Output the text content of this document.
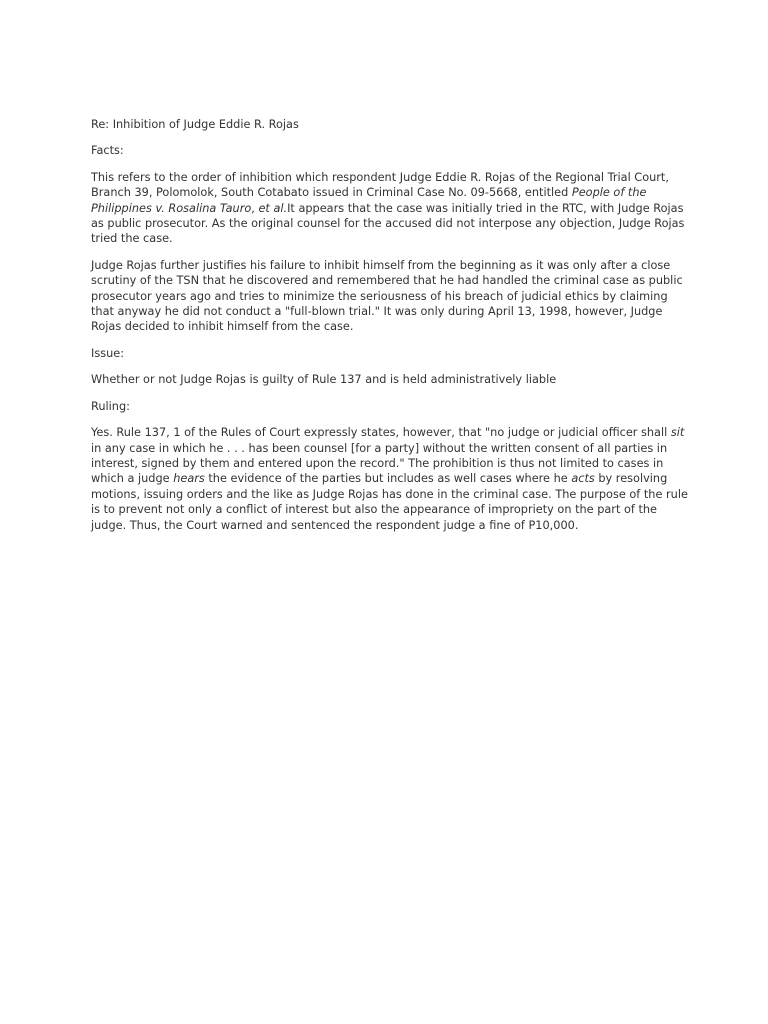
Re: Inhibition of Judge Eddie R. Rojas

Facts:

This refers to the order of inhibition which respondent Judge Eddie R. Rojas of the Regional Trial Court, Branch 39, Polomolok, South Cotabato issued in Criminal Case No. 09-5668, entitled People of the Philippines v. Rosalina Tauro, et al.It appears that the case was initially tried in the RTC, with Judge Rojas as public prosecutor. As the original counsel for the accused did not interpose any objection, Judge Rojas tried the case.

Judge Rojas further justifies his failure to inhibit himself from the beginning as it was only after a close scrutiny of the TSN that he discovered and remembered that he had handled the criminal case as public prosecutor years ago and tries to minimize the seriousness of his breach of judicial ethics by claiming that anyway he did not conduct a "full-blown trial." It was only during April 13, 1998, however, Judge Rojas decided to inhibit himself from the case.

Issue:

Whether or not Judge Rojas is guilty of Rule 137 and is held administratively liable

Ruling:

Yes. Rule 137, 1 of the Rules of Court expressly states, however, that "no judge or judicial officer shall sit in any case in which he . . . has been counsel [for a party] without the written consent of all parties in interest, signed by them and entered upon the record." The prohibition is thus not limited to cases in which a judge hears the evidence of the parties but includes as well cases where he acts by resolving motions, issuing orders and the like as Judge Rojas has done in the criminal case. The purpose of the rule is to prevent not only a conflict of interest but also the appearance of impropriety on the part of the judge. Thus, the Court warned and sentenced the respondent judge a fine of P10,000.
